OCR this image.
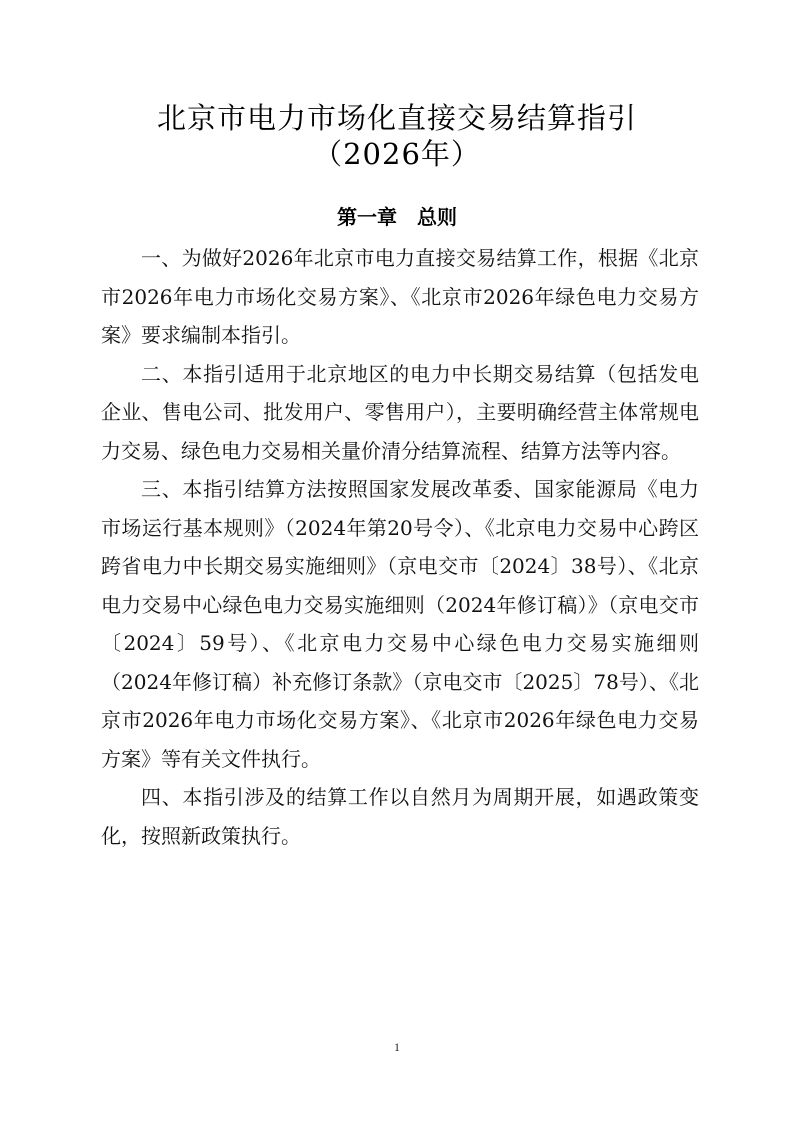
北京市电力市场化直接交易结算指引
（2026年）
第一章　总则

一、为做好2026年北京市电力直接交易结算工作，根据《北京市2026年电力市场化交易方案》、《北京市2026年绿色电力交易方案》要求编制本指引。

二、本指引适用于北京地区的电力中长期交易结算（包括发电企业、售电公司、批发用户、零售用户），主要明确经营主体常规电力交易、绿色电力交易相关量价清分结算流程、结算方法等内容。

三、本指引结算方法按照国家发展改革委、国家能源局《电力市场运行基本规则》（2024年第20号令）、《北京电力交易中心跨区跨省电力中长期交易实施细则》（京电交市〔2024〕38号）、《北京电力交易中心绿色电力交易实施细则（2024年修订稿）》（京电交市〔2024〕59号）、《北京电力交易中心绿色电力交易实施细则（2024年修订稿）补充修订条款》（京电交市〔2025〕78号）、《北京市2026年电力市场化交易方案》、《北京市2026年绿色电力交易方案》等有关文件执行。

四、本指引涉及的结算工作以自然月为周期开展，如遇政策变化，按照新政策执行。

1
